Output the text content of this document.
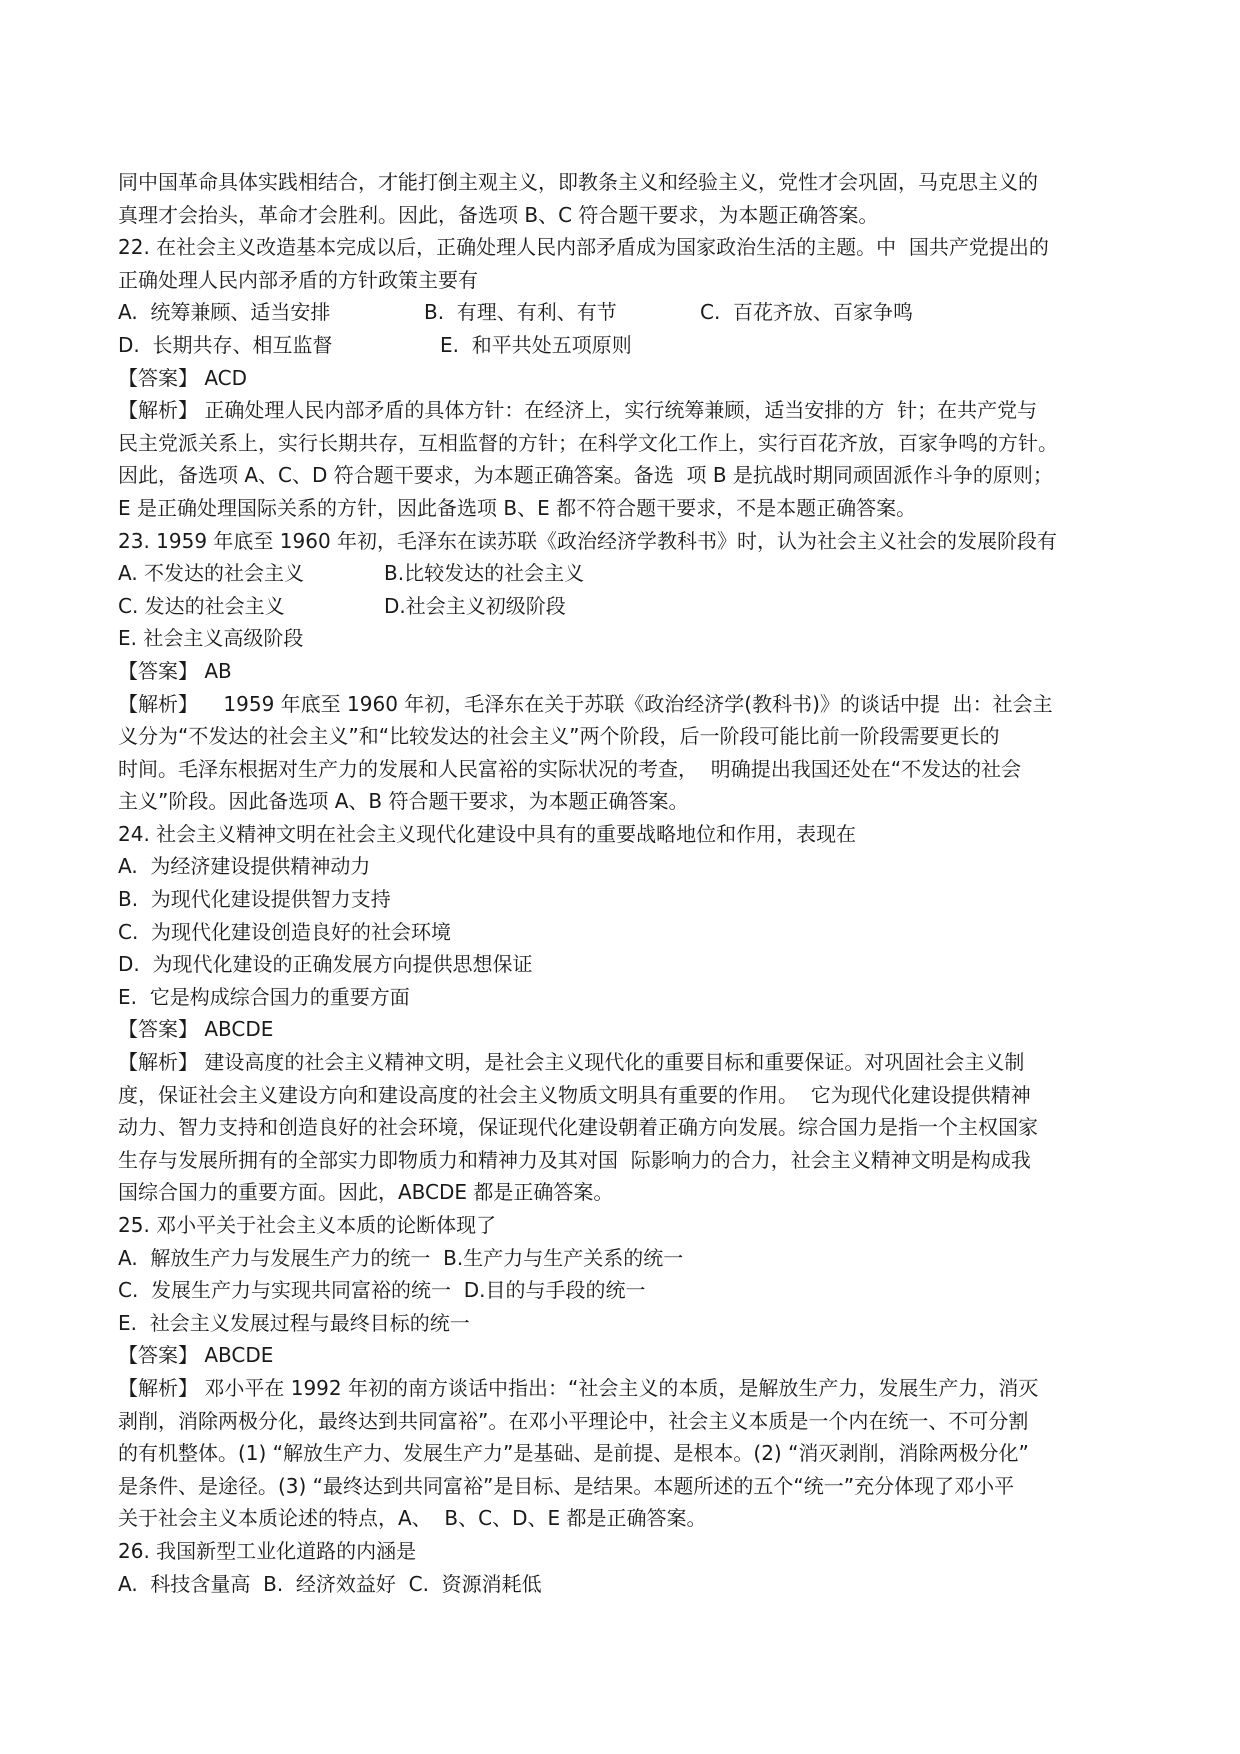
同中国革命具体实践相结合，才能打倒主观主义，即教条主义和经验主义，党性才会巩固，马克思主义的
真理才会抬头，革命才会胜利。因此，备选项 B、C 符合题干要求，为本题正确答案。
22. 在社会主义改造基本完成以后，正确处理人民内部矛盾成为国家政治生活的主题。中  国共产党提出的
正确处理人民内部矛盾的方针政策主要有
A.  统筹兼顾、适当安排	B.  有理、有利、有节	C.  百花齐放、百家争鸣
D.  长期共存、相互监督	E.  和平共处五项原则
【答案】 ACD
【解析】 正确处理人民内部矛盾的具体方针：在经济上，实行统筹兼顾，适当安排的方  针；在共产党与
民主党派关系上，实行长期共存，互相监督的方针；在科学文化工作上，实行百花齐放，百家争鸣的方针。
因此，备选项 A、C、D 符合题干要求，为本题正确答案。备选  项 B 是抗战时期同顽固派作斗争的原则；
E 是正确处理国际关系的方针，因此备选项 B、E 都不符合题干要求，不是本题正确答案。
23. 1959 年底至 1960 年初，毛泽东在读苏联《政治经济学教科书》时，认为社会主义社会的发展阶段有
A. 不发达的社会主义	B.比较发达的社会主义
C. 发达的社会主义	D.社会主义初级阶段
E. 社会主义高级阶段
【答案】 AB
【解析】    1959 年底至 1960 年初，毛泽东在关于苏联《政治经济学(教科书)》的谈话中提  出：社会主
义分为“不发达的社会主义”和“比较发达的社会主义”两个阶段，后一阶段可能比前一阶段需要更长的
时间。毛泽东根据对生产力的发展和人民富裕的实际状况的考查，  明确提出我国还处在“不发达的社会
主义”阶段。因此备选项 A、B 符合题干要求，为本题正确答案。
24. 社会主义精神文明在社会主义现代化建设中具有的重要战略地位和作用，表现在
A.  为经济建设提供精神动力
B.  为现代化建设提供智力支持
C.  为现代化建设创造良好的社会环境
D.  为现代化建设的正确发展方向提供思想保证
E.  它是构成综合国力的重要方面
【答案】 ABCDE
【解析】 建设高度的社会主义精神文明，是社会主义现代化的重要目标和重要保证。对巩固社会主义制
度，保证社会主义建设方向和建设高度的社会主义物质文明具有重要的作用。  它为现代化建设提供精神
动力、智力支持和创造良好的社会环境，保证现代化建设朝着正确方向发展。综合国力是指一个主权国家
生存与发展所拥有的全部实力即物质力和精神力及其对国  际影响力的合力，社会主义精神文明是构成我
国综合国力的重要方面。因此，ABCDE 都是正确答案。
25. 邓小平关于社会主义本质的论断体现了
A.  解放生产力与发展生产力的统一  B.生产力与生产关系的统一
C.  发展生产力与实现共同富裕的统一  D.目的与手段的统一
E.  社会主义发展过程与最终目标的统一
【答案】 ABCDE
【解析】 邓小平在 1992 年初的南方谈话中指出：“社会主义的本质，是解放生产力，发展生产力，消灭
剥削，消除两极分化，最终达到共同富裕”。在邓小平理论中，社会主义本质是一个内在统一、不可分割
的有机整体。(1) “解放生产力、发展生产力”是基础、是前提、是根本。(2) “消灭剥削，消除两极分化”
是条件、是途径。(3) “最终达到共同富裕”是目标、是结果。本题所述的五个“统一”充分体现了邓小平
关于社会主义本质论述的特点，A、  B、C、D、E 都是正确答案。
26. 我国新型工业化道路的内涵是
A.  科技含量高  B.  经济效益好  C.  资源消耗低
